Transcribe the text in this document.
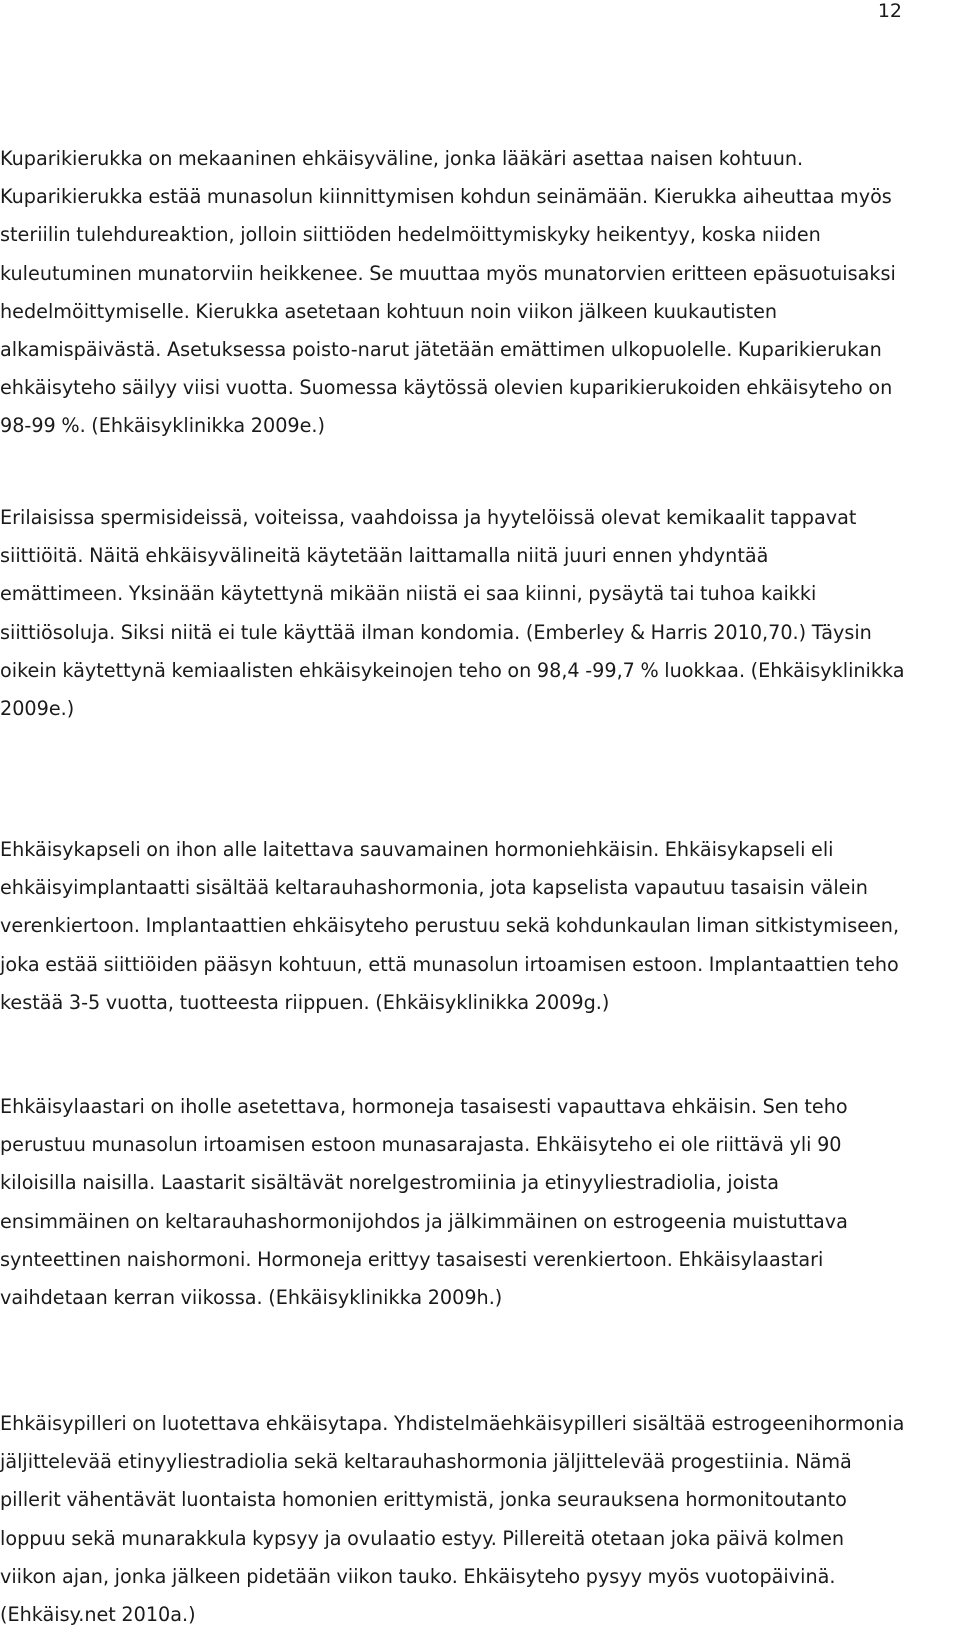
12

Kuparikierukka on mekaaninen ehkäisyväline, jonka lääkäri asettaa naisen kohtuun.
Kuparikierukka estää munasolun kiinnittymisen kohdun seinämään. Kierukka aiheuttaa myös
steriilin tulehdureaktion, jolloin siittiöden hedelmöittymiskyky heikentyy, koska niiden
kuleutuminen munatorviin heikkenee. Se muuttaa myös munatorvien eritteen epäsuotuisaksi
hedelmöittymiselle. Kierukka asetetaan kohtuun noin viikon jälkeen kuukautisten
alkamispäivästä. Asetuksessa poisto-narut jätetään emättimen ulkopuolelle. Kuparikierukan
ehkäisyteho säilyy viisi vuotta. Suomessa käytössä olevien kuparikierukoiden ehkäisyteho on
98-99 %. (Ehkäisyklinikka 2009e.)

Erilaisissa spermisideissä, voiteissa, vaahdoissa ja hyytelöissä olevat kemikaalit tappavat
siittiöitä. Näitä ehkäisyvälineitä käytetään laittamalla niitä juuri ennen yhdyntää
emättimeen. Yksinään käytettynä mikään niistä ei saa kiinni, pysäytä tai tuhoa kaikki
siittiösoluja. Siksi niitä ei tule käyttää ilman kondomia. (Emberley & Harris 2010,70.) Täysin
oikein käytettynä kemiaalisten ehkäisykeinojen teho on 98,4 -99,7 % luokkaa. (Ehkäisyklinikka
2009e.)

Ehkäisykapseli on ihon alle laitettava sauvamainen hormoniehkäisin. Ehkäisykapseli eli
ehkäisyimplantaatti sisältää keltarauhashormonia, jota kapselista vapautuu tasaisin välein
verenkiertoon. Implantaattien ehkäisyteho perustuu sekä kohdunkaulan liman sitkistymiseen,
joka estää siittiöiden pääsyn kohtuun, että munasolun irtoamisen estoon. Implantaattien teho
kestää 3-5 vuotta, tuotteesta riippuen. (Ehkäisyklinikka 2009g.)

Ehkäisylaastari on iholle asetettava, hormoneja tasaisesti vapauttava ehkäisin. Sen teho
perustuu munasolun irtoamisen estoon munasarajasta. Ehkäisyteho ei ole riittävä yli 90
kiloisilla naisilla. Laastarit sisältävät norelgestromiinia ja etinyyliestradiolia, joista
ensimmäinen on keltarauhashormonijohdos ja jälkimmäinen on estrogeenia muistuttava
synteettinen naishormoni. Hormoneja erittyy tasaisesti verenkiertoon. Ehkäisylaastari
vaihdetaan kerran viikossa. (Ehkäisyklinikka 2009h.)

Ehkäisypilleri on luotettava ehkäisytapa. Yhdistelmäehkäisypilleri sisältää estrogeenihormonia
jäljittelevää etinyyliestradiolia sekä keltarauhashormonia jäljittelevää progestiinia. Nämä
pillerit vähentävät luontaista homonien erittymistä, jonka seurauksena hormonitoutanto
loppuu sekä munarakkula kypsyy ja ovulaatio estyy. Pillereitä otetaan joka päivä kolmen
viikon ajan, jonka jälkeen pidetään viikon tauko. Ehkäisyteho pysyy myös vuotopäivinä.
(Ehkäisy.net 2010a.)
